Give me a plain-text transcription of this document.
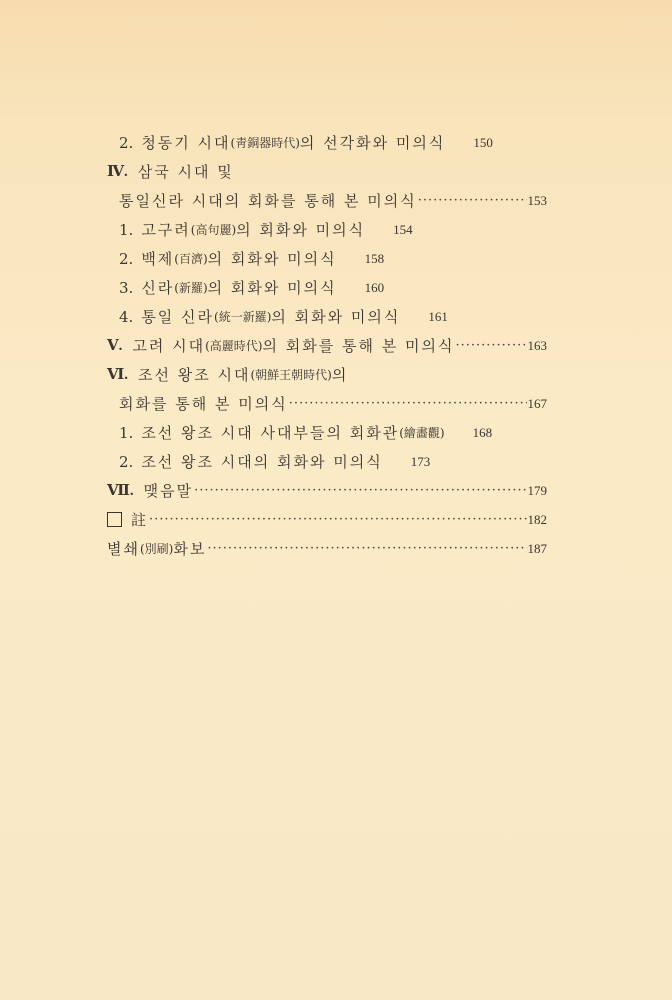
2. 청동기 시대 (靑銅器時代) 의 선각화와 미의식 150
Ⅳ. 삼국 시대 및
통일신라 시대의 회화를 통해 본 미의식 ·····	153
1. 고구려 (高句麗) 의 회화와 미의식 154
2. 백제 (百濟) 의 회화와 미의식 158
3. 신라 (新羅) 의 회화와 미의식 160
4. 통일 신라 (統一新羅) 의 회화와 미의식 161
Ⅴ. 고려 시대 (高麗時代) 의 회화를 통해 본 미의식 ·····	163
Ⅵ. 조선 왕조 시대 (朝鮮王朝時代) 의
회화를 통해 본 미의식 ·····	167
1. 조선 왕조 시대 사대부들의 회화관 (繪畵觀) 168
2. 조선 왕조 시대의 회화와 미의식 173
Ⅶ. 맺음말 ·····	179
註 ·····	182
별쇄 (別刷) 화보 ·····	187
